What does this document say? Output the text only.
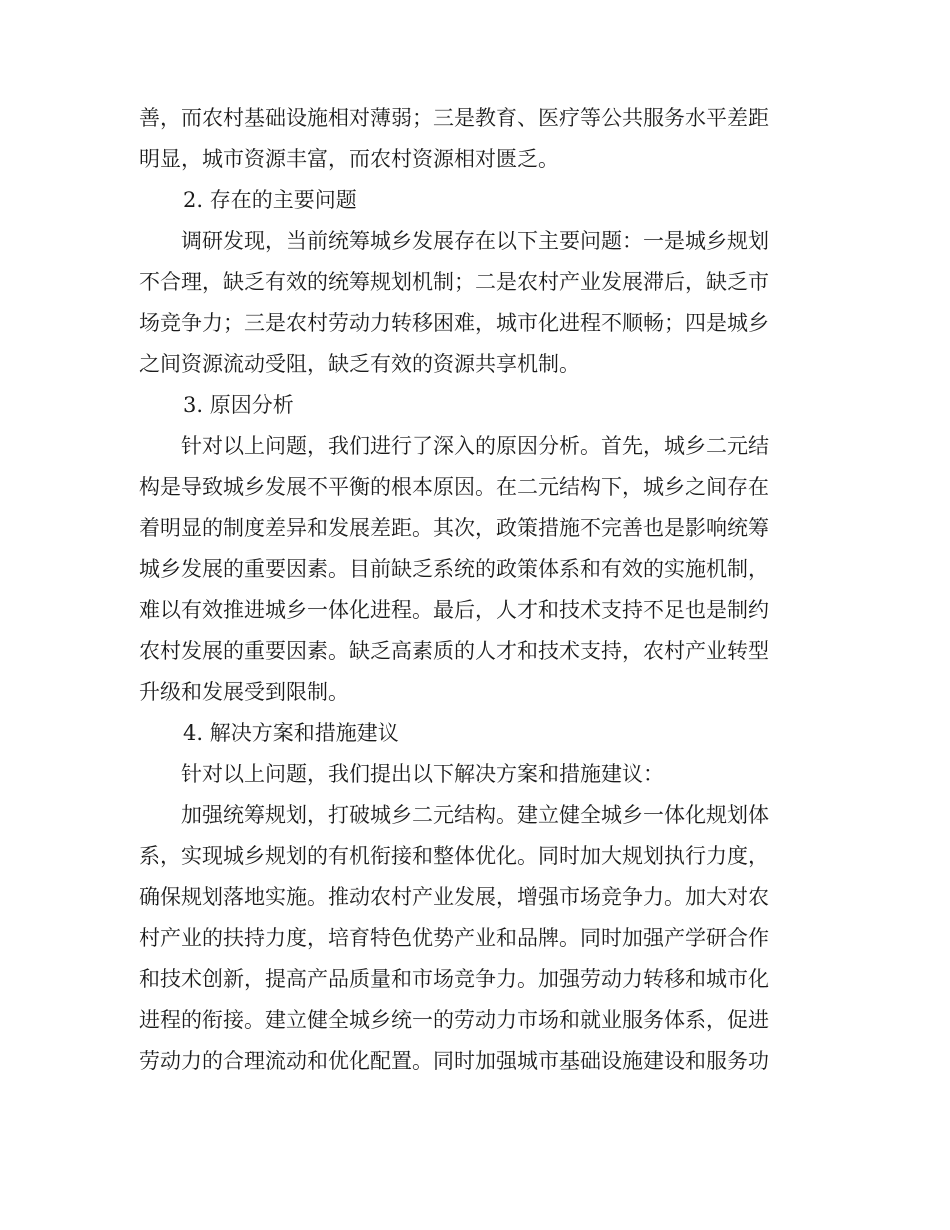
善，而农村基础设施相对薄弱；三是教育、医疗等公共服务水平差距
明显，城市资源丰富，而农村资源相对匮乏。
2. 存在的主要问题
调研发现，当前统筹城乡发展存在以下主要问题：一是城乡规划
不合理，缺乏有效的统筹规划机制；二是农村产业发展滞后，缺乏市
场竞争力；三是农村劳动力转移困难，城市化进程不顺畅；四是城乡
之间资源流动受阻，缺乏有效的资源共享机制。
3. 原因分析
针对以上问题，我们进行了深入的原因分析。首先，城乡二元结
构是导致城乡发展不平衡的根本原因。在二元结构下，城乡之间存在
着明显的制度差异和发展差距。其次，政策措施不完善也是影响统筹
城乡发展的重要因素。目前缺乏系统的政策体系和有效的实施机制，
难以有效推进城乡一体化进程。最后，人才和技术支持不足也是制约
农村发展的重要因素。缺乏高素质的人才和技术支持，农村产业转型
升级和发展受到限制。
4. 解决方案和措施建议
针对以上问题，我们提出以下解决方案和措施建议：
加强统筹规划，打破城乡二元结构。建立健全城乡一体化规划体
系，实现城乡规划的有机衔接和整体优化。同时加大规划执行力度，
确保规划落地实施。推动农村产业发展，增强市场竞争力。加大对农
村产业的扶持力度，培育特色优势产业和品牌。同时加强产学研合作
和技术创新，提高产品质量和市场竞争力。加强劳动力转移和城市化
进程的衔接。建立健全城乡统一的劳动力市场和就业服务体系，促进
劳动力的合理流动和优化配置。同时加强城市基础设施建设和服务功
